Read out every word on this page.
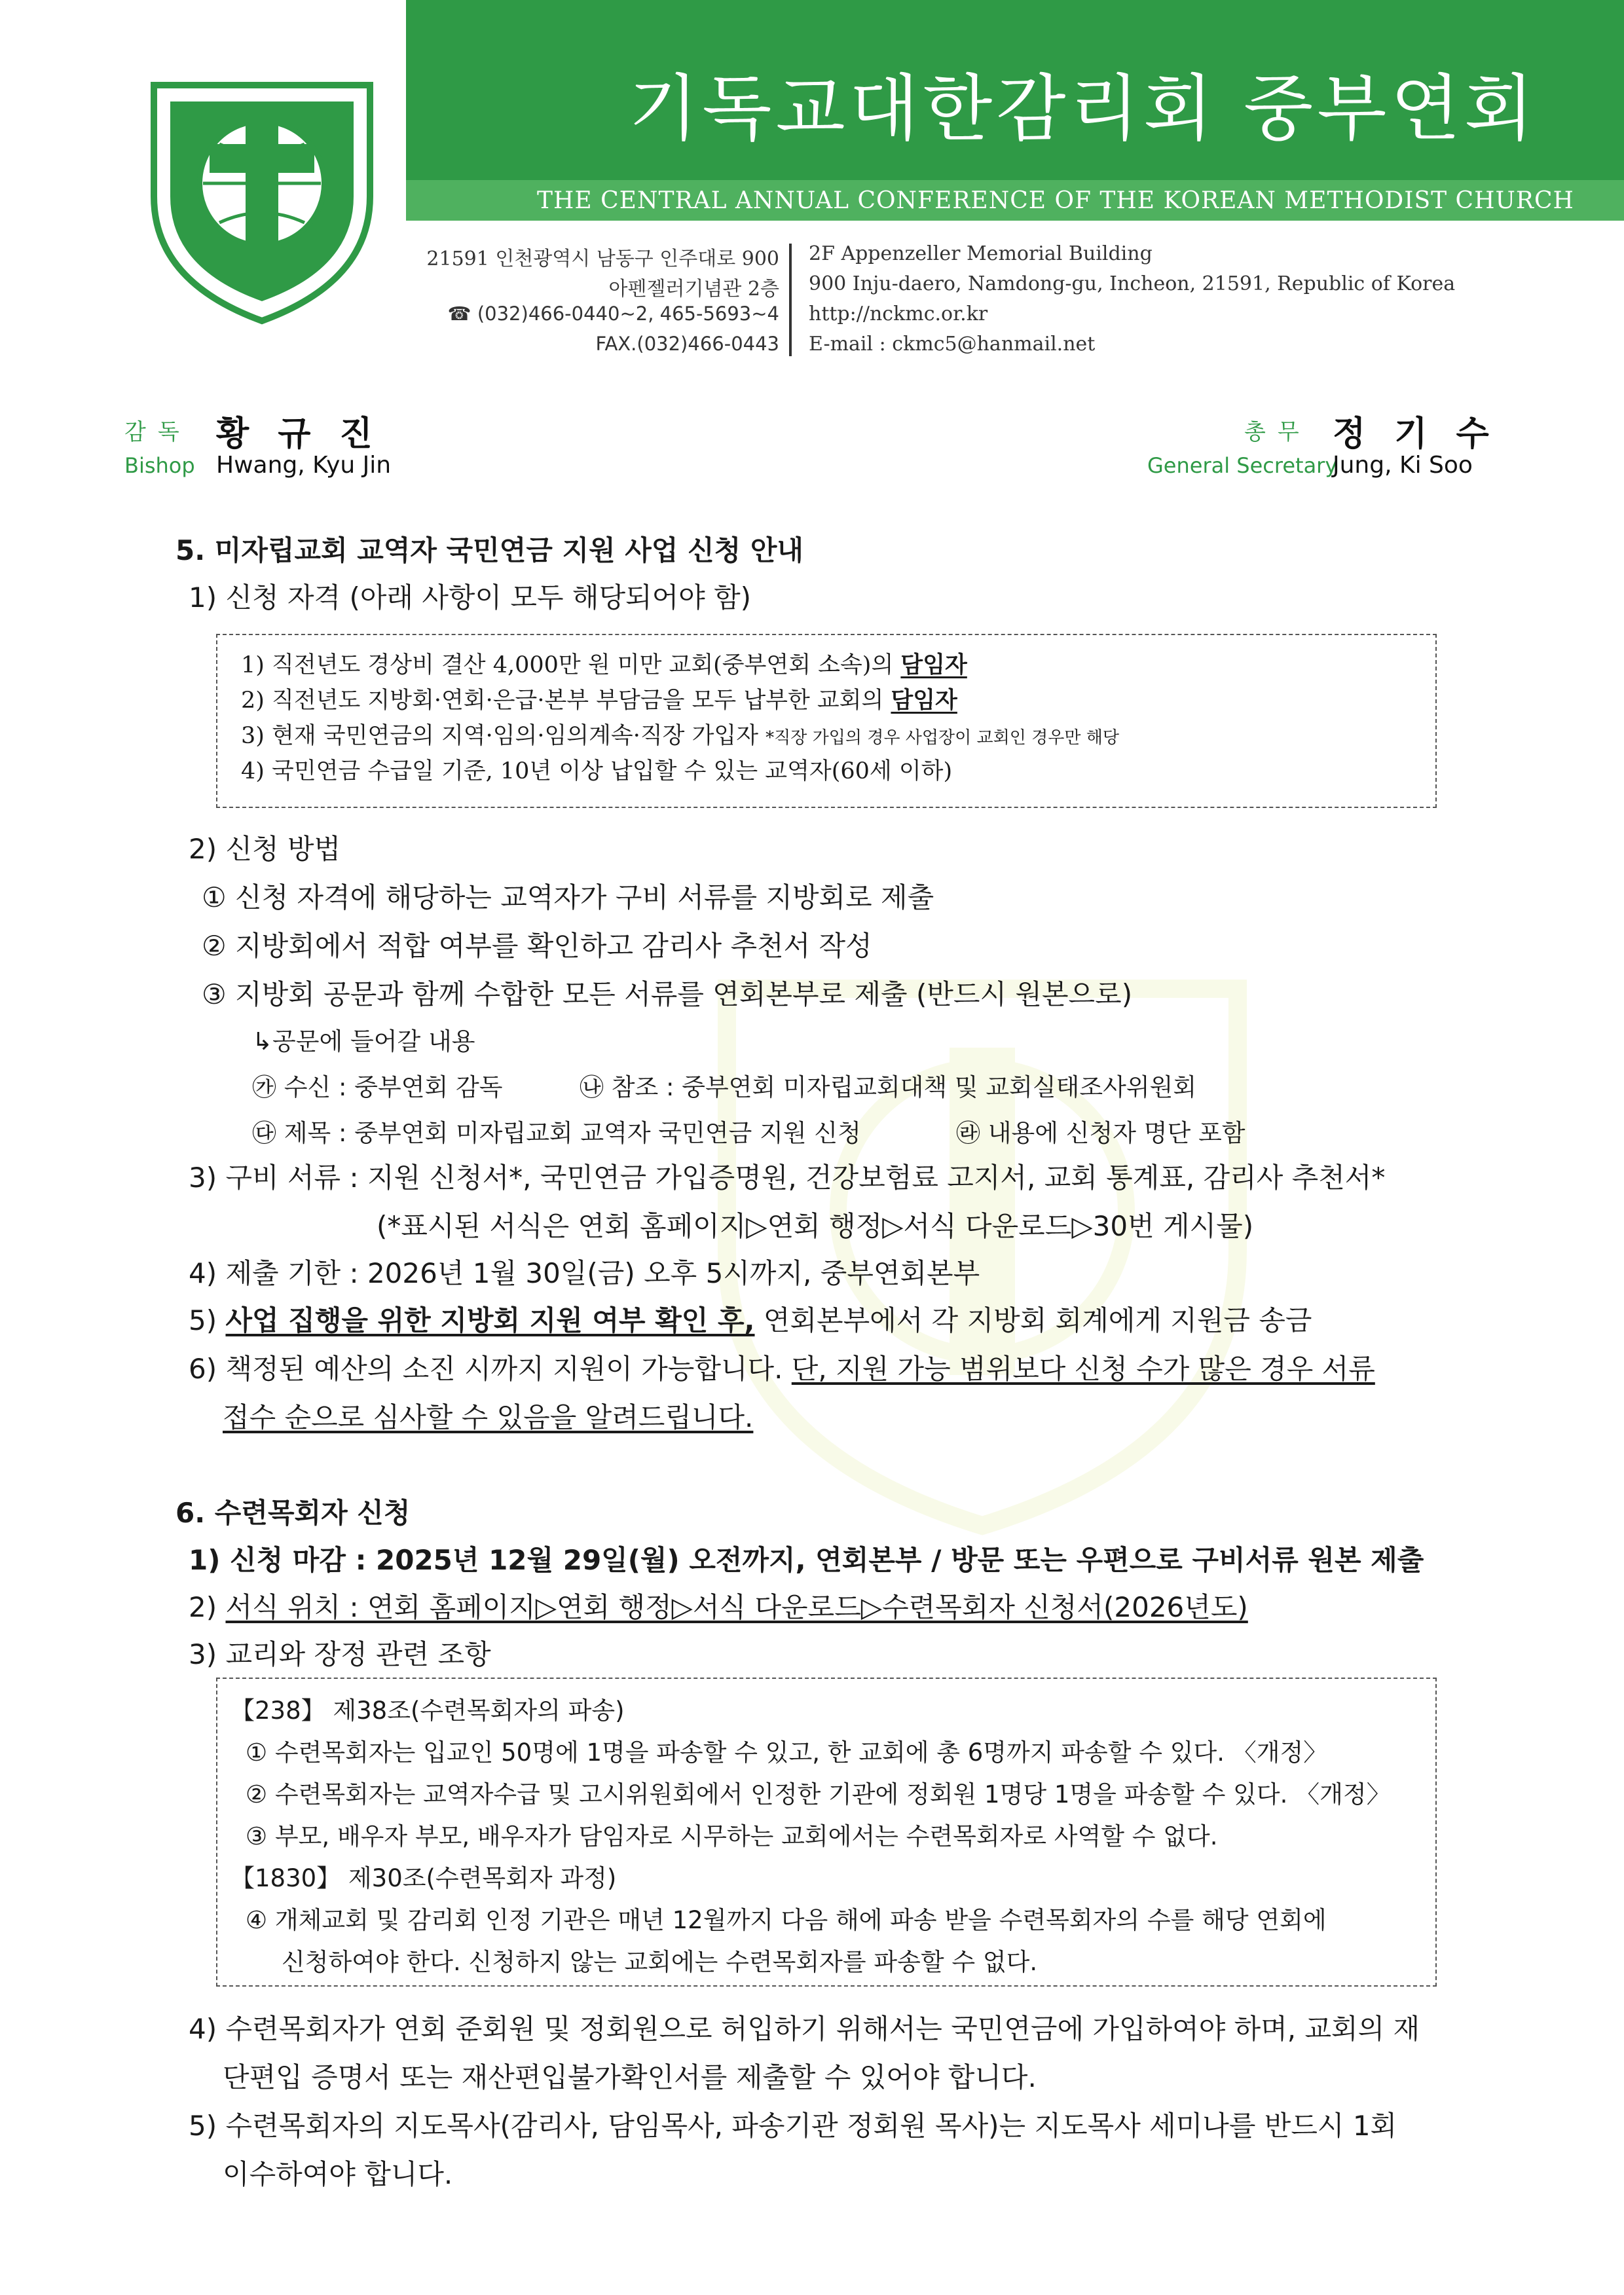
기독교대한감리회 중부연회
THE CENTRAL ANNUAL CONFERENCE OF THE KOREAN METHODIST CHURCH
21591 인천광역시 남동구 인주대로 900
아펜젤러기념관 2층
☎ (032)466-0440~2, 465-5693~4
FAX.(032)466-0443
2F Appenzeller Memorial Building
900 Inju-daero, Namdong-gu, Incheon, 21591, Republic of Korea
http://nckmc.or.kr
E-mail : ckmc5@hanmail.net
감독 황규진
Bishop Hwang, Kyu Jin
총무 정기수
General Secretary
Jung, Ki Soo
5. 미자립교회 교역자 국민연금 지원 사업 신청 안내
1) 신청 자격 (아래 사항이 모두 해당되어야 함)
1) 직전년도 경상비 결산 4,000만 원 미만 교회(중부연회 소속)의 담임자
2) 직전년도 지방회·연회·은급·본부 부담금을 모두 납부한 교회의 담임자
3) 현재 국민연금의 지역·임의·임의계속·직장 가입자 *직장 가입의 경우 사업장이 교회인 경우만 해당
4) 국민연금 수급일 기준, 10년 이상 납입할 수 있는 교역자(60세 이하)
2) 신청 방법
① 신청 자격에 해당하는 교역자가 구비 서류를 지방회로 제출
② 지방회에서 적합 여부를 확인하고 감리사 추천서 작성
③ 지방회 공문과 함께 수합한 모든 서류를 연회본부로 제출 (반드시 원본으로)
↳공문에 들어갈 내용
㉮ 수신 : 중부연회 감독	㉯ 참조 : 중부연회 미자립교회대책 및 교회실태조사위원회
㉰ 제목 : 중부연회 미자립교회 교역자 국민연금 지원 신청	㉱ 내용에 신청자 명단 포함
3) 구비 서류 : 지원 신청서*, 국민연금 가입증명원, 건강보험료 고지서, 교회 통계표, 감리사 추천서*
(*표시된 서식은 연회 홈페이지▷연회 행정▷서식 다운로드▷30번 게시물)
4) 제출 기한 : 2026년 1월 30일(금) 오후 5시까지, 중부연회본부
5) 사업 집행을 위한 지방회 지원 여부 확인 후, 연회본부에서 각 지방회 회계에게 지원금 송금
6) 책정된 예산의 소진 시까지 지원이 가능합니다. 단, 지원 가능 범위보다 신청 수가 많은 경우 서류
접수 순으로 심사할 수 있음을 알려드립니다.
6. 수련목회자 신청
1) 신청 마감 : 2025년 12월 29일(월) 오전까지, 연회본부 / 방문 또는 우편으로 구비서류 원본 제출
2) 서식 위치 : 연회 홈페이지▷연회 행정▷서식 다운로드▷수련목회자 신청서(2026년도)
3) 교리와 장정 관련 조항
【238】 제38조(수련목회자의 파송)
① 수련목회자는 입교인 50명에 1명을 파송할 수 있고, 한 교회에 총 6명까지 파송할 수 있다. 〈개정〉
② 수련목회자는 교역자수급 및 고시위원회에서 인정한 기관에 정회원 1명당 1명을 파송할 수 있다. 〈개정〉
③ 부모, 배우자 부모, 배우자가 담임자로 시무하는 교회에서는 수련목회자로 사역할 수 없다.
【1830】 제30조(수련목회자 과정)
④ 개체교회 및 감리회 인정 기관은 매년 12월까지 다음 해에 파송 받을 수련목회자의 수를 해당 연회에
신청하여야 한다. 신청하지 않는 교회에는 수련목회자를 파송할 수 없다.
4) 수련목회자가 연회 준회원 및 정회원으로 허입하기 위해서는 국민연금에 가입하여야 하며, 교회의 재
단편입 증명서 또는 재산편입불가확인서를 제출할 수 있어야 합니다.
5) 수련목회자의 지도목사(감리사, 담임목사, 파송기관 정회원 목사)는 지도목사 세미나를 반드시 1회
이수하여야 합니다.
